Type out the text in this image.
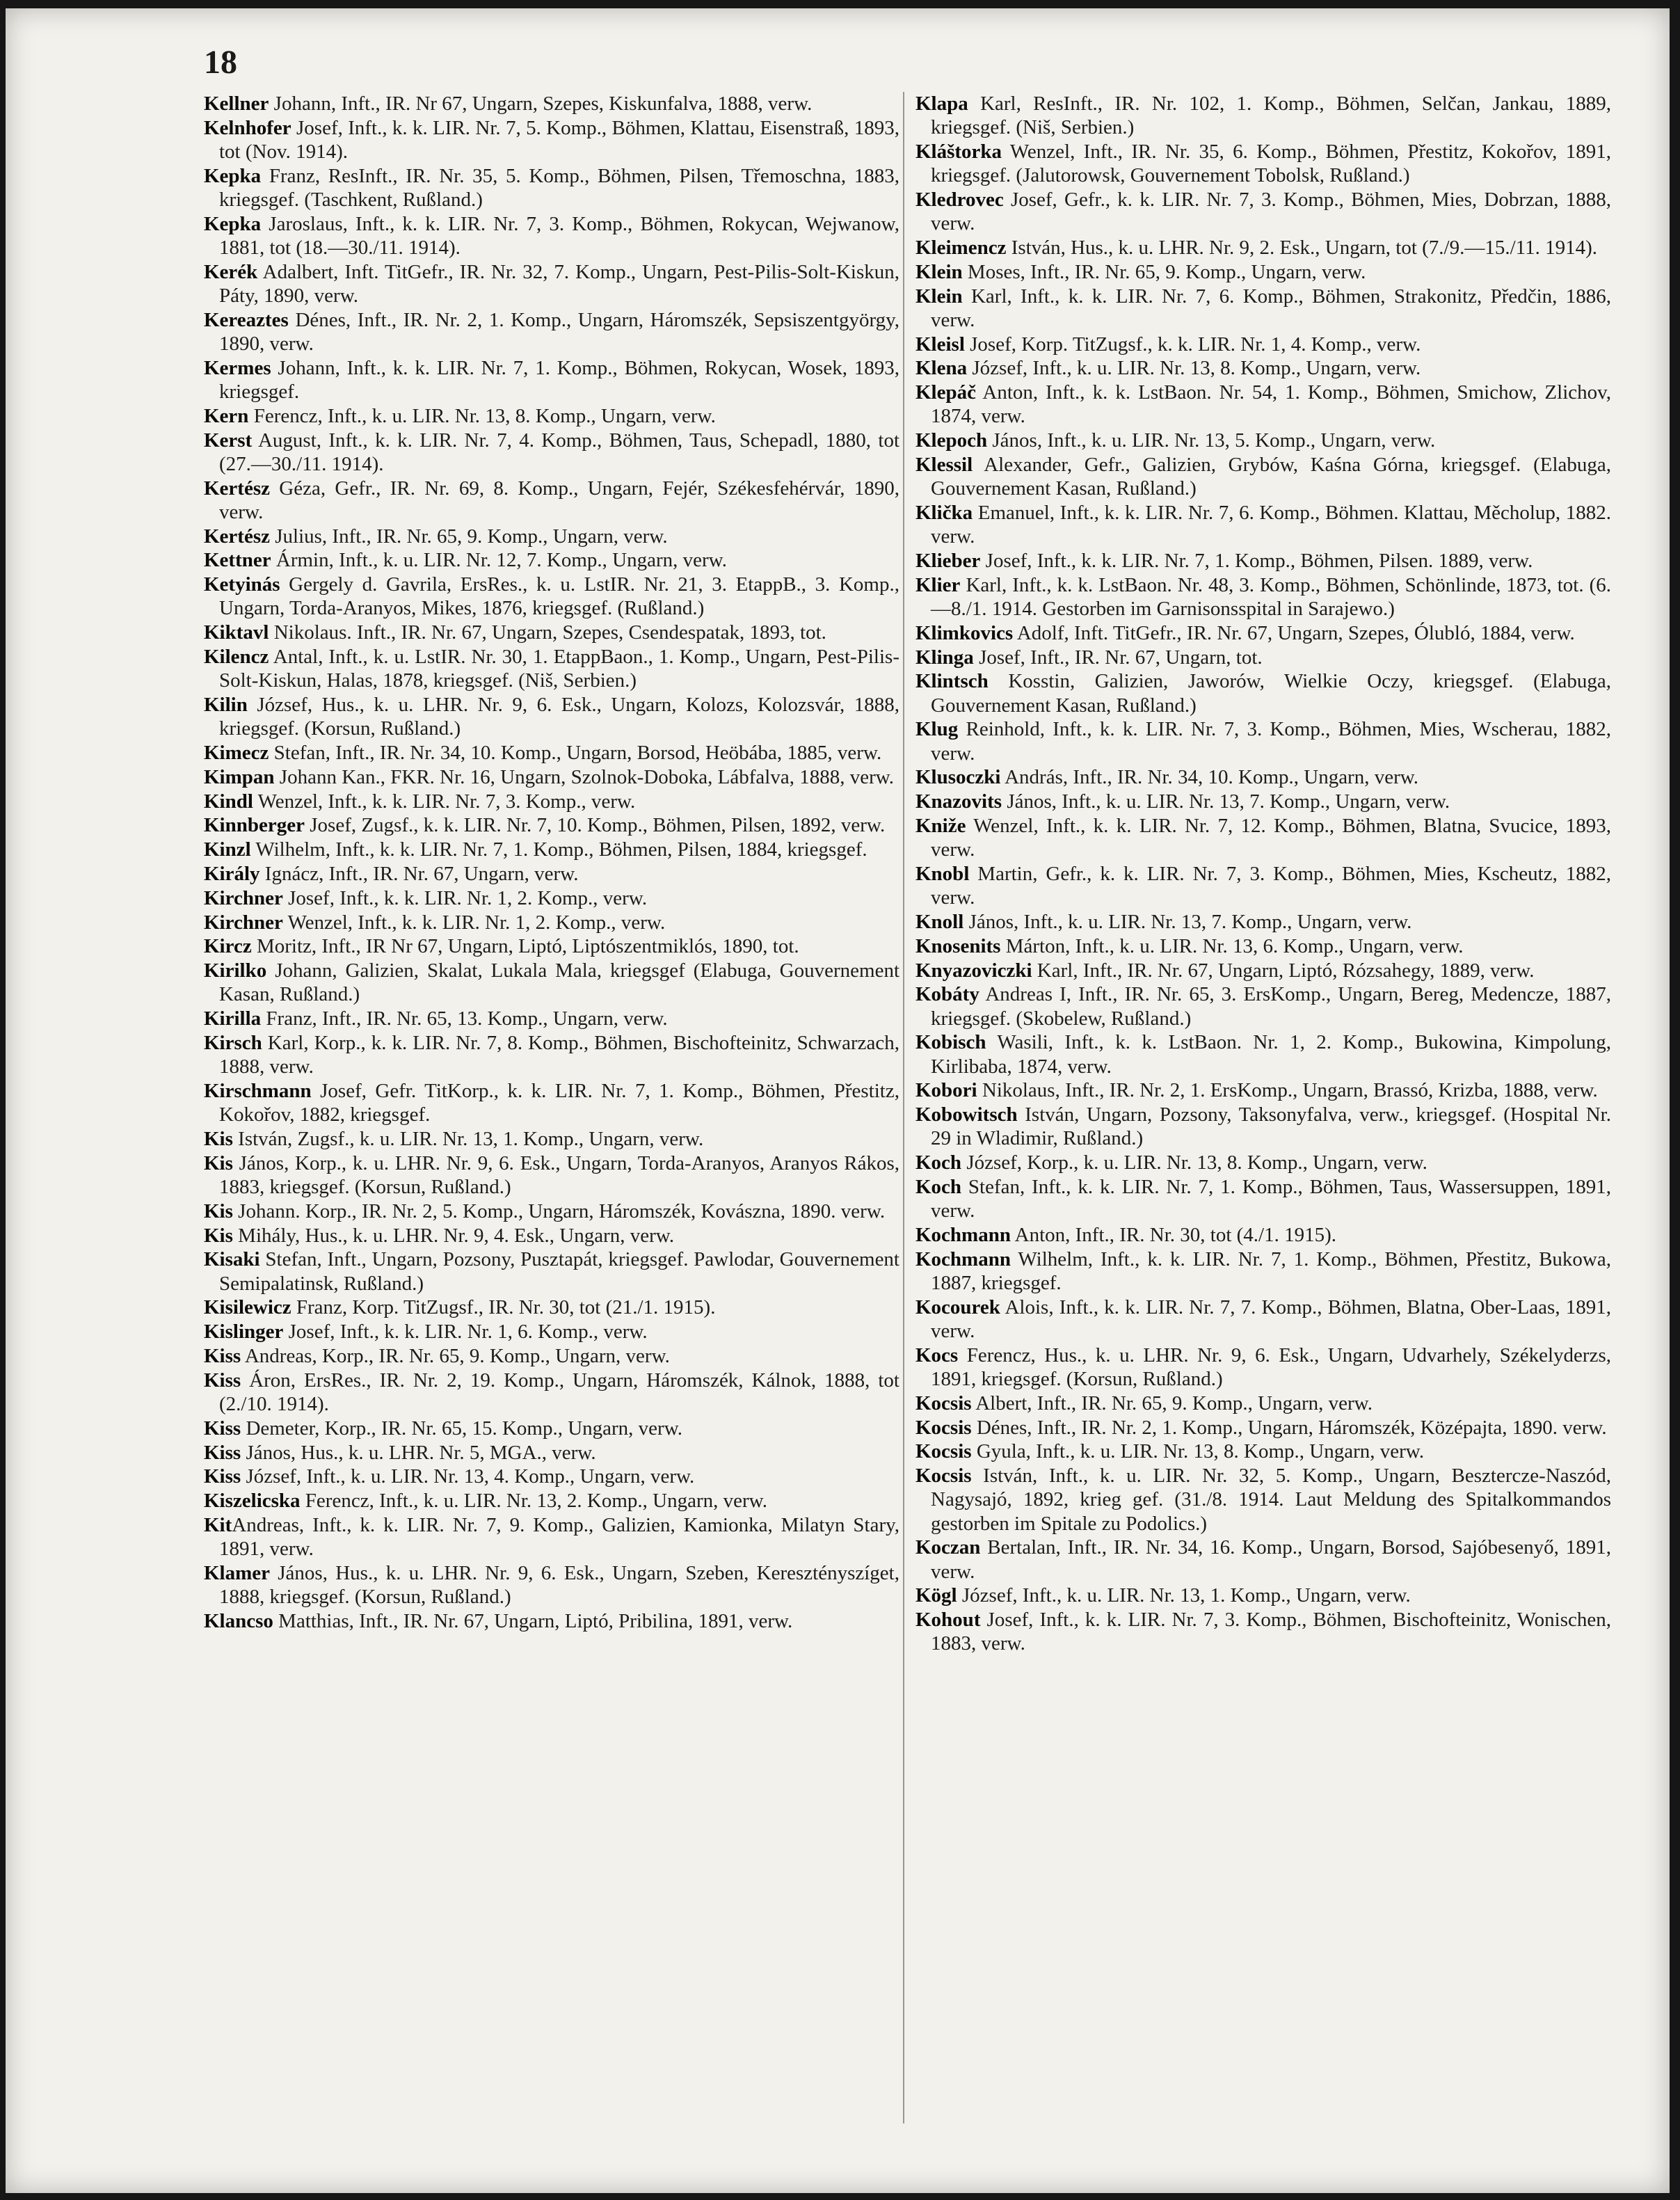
18

Kellner Johann, Inft., IR. Nr 67, Ungarn, Szepes, Kiskunfalva, 1888, verw.

Kelnhofer Josef, Inft., k. k. LIR. Nr. 7, 5. Komp., Böhmen, Klattau, Eisenstraß, 1893, tot (Nov. 1914).

Kepka Franz, ResInft., IR. Nr. 35, 5. Komp., Böhmen, Pilsen, Třemoschna, 1883, kriegsgef. (Taschkent, Rußland.)

Kepka Jaroslaus, Inft., k. k. LIR. Nr. 7, 3. Komp., Böhmen, Rokycan, Wejwanow, 1881, tot (18.—30./11. 1914).

Kerék Adalbert, Inft. TitGefr., IR. Nr. 32, 7. Komp., Ungarn, Pest-Pilis-Solt-Kiskun, Páty, 1890, verw.

Kereaztes Dénes, Inft., IR. Nr. 2, 1. Komp., Ungarn, Háromszék, Sepsiszentgyörgy, 1890, verw.

Kermes Johann, Inft., k. k. LIR. Nr. 7, 1. Komp., Böhmen, Rokycan, Wosek, 1893, kriegsgef.

Kern Ferencz, Inft., k. u. LIR. Nr. 13, 8. Komp., Ungarn, verw.

Kerst August, Inft., k. k. LIR. Nr. 7, 4. Komp., Böhmen, Taus, Schepadl, 1880, tot (27.—30./11. 1914).

Kertész Géza, Gefr., IR. Nr. 69, 8. Komp., Ungarn, Fejér, Székesfehérvár, 1890, verw.

Kertész Julius, Inft., IR. Nr. 65, 9. Komp., Ungarn, verw.

Kettner Ármin, Inft., k. u. LIR. Nr. 12, 7. Komp., Ungarn, verw.

Ketyinás Gergely d. Gavrila, ErsRes., k. u. LstIR. Nr. 21, 3. EtappB., 3. Komp., Ungarn, Torda-Aranyos, Mikes, 1876, kriegsgef. (Rußland.)

Kiktavl Nikolaus. Inft., IR. Nr. 67, Ungarn, Szepes, Csendespatak, 1893, tot.

Kilencz Antal, Inft., k. u. LstIR. Nr. 30, 1. EtappBaon., 1. Komp., Ungarn, Pest-Pilis-Solt-Kiskun, Halas, 1878, kriegsgef. (Niš, Serbien.)

Kilin József, Hus., k. u. LHR. Nr. 9, 6. Esk., Ungarn, Kolozs, Kolozsvár, 1888, kriegsgef. (Korsun, Rußland.)

Kimecz Stefan, Inft., IR. Nr. 34, 10. Komp., Ungarn, Borsod, Heöbába, 1885, verw.

Kimpan Johann Kan., FKR. Nr. 16, Ungarn, Szolnok-Doboka, Lábfalva, 1888, verw.

Kindl Wenzel, Inft., k. k. LIR. Nr. 7, 3. Komp., verw.

Kinnberger Josef, Zugsf., k. k. LIR. Nr. 7, 10. Komp., Böhmen, Pilsen, 1892, verw.

Kinzl Wilhelm, Inft., k. k. LIR. Nr. 7, 1. Komp., Böhmen, Pilsen, 1884, kriegsgef.

Király Ignácz, Inft., IR. Nr. 67, Ungarn, verw.

Kirchner Josef, Inft., k. k. LIR. Nr. 1, 2. Komp., verw.

Kirchner Wenzel, Inft., k. k. LIR. Nr. 1, 2. Komp., verw.

Kircz Moritz, Inft., IR Nr 67, Ungarn, Liptó, Liptószentmiklós, 1890, tot.

Kirilko Johann, Galizien, Skalat, Lukala Mala, kriegsgef (Elabuga, Gouvernement Kasan, Rußland.)

Kirilla Franz, Inft., IR. Nr. 65, 13. Komp., Ungarn, verw.

Kirsch Karl, Korp., k. k. LIR. Nr. 7, 8. Komp., Böhmen, Bischofteinitz, Schwarzach, 1888, verw.

Kirschmann Josef, Gefr. TitKorp., k. k. LIR. Nr. 7, 1. Komp., Böhmen, Přestitz, Kokořov, 1882, kriegsgef.

Kis István, Zugsf., k. u. LIR. Nr. 13, 1. Komp., Ungarn, verw.

Kis János, Korp., k. u. LHR. Nr. 9, 6. Esk., Ungarn, Torda-Aranyos, Aranyos Rákos, 1883, kriegsgef. (Korsun, Rußland.)

Kis Johann. Korp., IR. Nr. 2, 5. Komp., Ungarn, Háromszék, Kovászna, 1890. verw.

Kis Mihály, Hus., k. u. LHR. Nr. 9, 4. Esk., Ungarn, verw.

Kisaki Stefan, Inft., Ungarn, Pozsony, Pusztapát, kriegsgef. Pawlodar, Gouvernement Semipalatinsk, Rußland.)

Kisilewicz Franz, Korp. TitZugsf., IR. Nr. 30, tot (21./1. 1915).

Kislinger Josef, Inft., k. k. LIR. Nr. 1, 6. Komp., verw.

Kiss Andreas, Korp., IR. Nr. 65, 9. Komp., Ungarn, verw.

Kiss Áron, ErsRes., IR. Nr. 2, 19. Komp., Ungarn, Háromszék, Kálnok, 1888, tot (2./10. 1914).

Kiss Demeter, Korp., IR. Nr. 65, 15. Komp., Ungarn, verw.

Kiss János, Hus., k. u. LHR. Nr. 5, MGA., verw.

Kiss József, Inft., k. u. LIR. Nr. 13, 4. Komp., Ungarn, verw.

Kiszelicska Ferencz, Inft., k. u. LIR. Nr. 13, 2. Komp., Ungarn, verw.

KitAndreas, Inft., k. k. LIR. Nr. 7, 9. Komp., Galizien, Kamionka, Milatyn Stary, 1891, verw.

Klamer János, Hus., k. u. LHR. Nr. 9, 6. Esk., Ungarn, Szeben, Keresztényszíget, 1888, kriegsgef. (Korsun, Rußland.)

Klancso Matthias, Inft., IR. Nr. 67, Ungarn, Liptó, Pribilina, 1891, verw.

Klapa Karl, ResInft., IR. Nr. 102, 1. Komp., Böhmen, Selčan, Jankau, 1889, kriegsgef. (Niš, Serbien.)

Kláštorka Wenzel, Inft., IR. Nr. 35, 6. Komp., Böhmen, Přestitz, Kokořov, 1891, kriegsgef. (Jalutorowsk, Gouvernement Tobolsk, Rußland.)

Kledrovec Josef, Gefr., k. k. LIR. Nr. 7, 3. Komp., Böhmen, Mies, Dobrzan, 1888, verw.

Kleimencz István, Hus., k. u. LHR. Nr. 9, 2. Esk., Ungarn, tot (7./9.—15./11. 1914).

Klein Moses, Inft., IR. Nr. 65, 9. Komp., Ungarn, verw.

Klein Karl, Inft., k. k. LIR. Nr. 7, 6. Komp., Böhmen, Strakonitz, Předčin, 1886, verw.

Kleisl Josef, Korp. TitZugsf., k. k. LIR. Nr. 1, 4. Komp., verw.

Klena József, Inft., k. u. LIR. Nr. 13, 8. Komp., Ungarn, verw.

Klepáč Anton, Inft., k. k. LstBaon. Nr. 54, 1. Komp., Böhmen, Smichow, Zlichov, 1874, verw.

Klepoch János, Inft., k. u. LIR. Nr. 13, 5. Komp., Ungarn, verw.

Klessil Alexander, Gefr., Galizien, Grybów, Kaśna Górna, kriegsgef. (Elabuga, Gouvernement Kasan, Rußland.)

Klička Emanuel, Inft., k. k. LIR. Nr. 7, 6. Komp., Böhmen. Klattau, Měcholup, 1882. verw.

Klieber Josef, Inft., k. k. LIR. Nr. 7, 1. Komp., Böhmen, Pilsen. 1889, verw.

Klier Karl, Inft., k. k. LstBaon. Nr. 48, 3. Komp., Böhmen, Schönlinde, 1873, tot. (6.—8./1. 1914. Gestorben im Garnisonsspital in Sarajewo.)

Klimkovics Adolf, Inft. TitGefr., IR. Nr. 67, Ungarn, Szepes, Ólubló, 1884, verw.

Klinga Josef, Inft., IR. Nr. 67, Ungarn, tot.

Klintsch Kosstin, Galizien, Jaworów, Wielkie Oczy, kriegsgef. (Elabuga, Gouvernement Kasan, Rußland.)

Klug Reinhold, Inft., k. k. LIR. Nr. 7, 3. Komp., Böhmen, Mies, Wscherau, 1882, verw.

Klusoczki András, Inft., IR. Nr. 34, 10. Komp., Ungarn, verw.

Knazovits János, Inft., k. u. LIR. Nr. 13, 7. Komp., Ungarn, verw.

Kniže Wenzel, Inft., k. k. LIR. Nr. 7, 12. Komp., Böhmen, Blatna, Svucice, 1893, verw.

Knobl Martin, Gefr., k. k. LIR. Nr. 7, 3. Komp., Böhmen, Mies, Kscheutz, 1882, verw.

Knoll János, Inft., k. u. LIR. Nr. 13, 7. Komp., Ungarn, verw.

Knosenits Márton, Inft., k. u. LIR. Nr. 13, 6. Komp., Ungarn, verw.

Knyazoviczki Karl, Inft., IR. Nr. 67, Ungarn, Liptó, Rózsahegy, 1889, verw.

Kobáty Andreas I, Inft., IR. Nr. 65, 3. ErsKomp., Ungarn, Bereg, Medencze, 1887, kriegsgef. (Skobelew, Rußland.)

Kobisch Wasili, Inft., k. k. LstBaon. Nr. 1, 2. Komp., Bukowina, Kimpolung, Kirlibaba, 1874, verw.

Kobori Nikolaus, Inft., IR. Nr. 2, 1. ErsKomp., Ungarn, Brassó, Krizba, 1888, verw.

Kobowitsch István, Ungarn, Pozsony, Taksonyfalva, verw., kriegsgef. (Hospital Nr. 29 in Wladimir, Rußland.)

Koch József, Korp., k. u. LIR. Nr. 13, 8. Komp., Ungarn, verw.

Koch Stefan, Inft., k. k. LIR. Nr. 7, 1. Komp., Böhmen, Taus, Wassersuppen, 1891, verw.

Kochmann Anton, Inft., IR. Nr. 30, tot (4./1. 1915).

Kochmann Wilhelm, Inft., k. k. LIR. Nr. 7, 1. Komp., Böhmen, Přestitz, Bukowa, 1887, kriegsgef.

Kocourek Alois, Inft., k. k. LIR. Nr. 7, 7. Komp., Böhmen, Blatna, Ober-Laas, 1891, verw.

Kocs Ferencz, Hus., k. u. LHR. Nr. 9, 6. Esk., Ungarn, Udvarhely, Székelyderzs, 1891, kriegsgef. (Korsun, Rußland.)

Kocsis Albert, Inft., IR. Nr. 65, 9. Komp., Ungarn, verw.

Kocsis Dénes, Inft., IR. Nr. 2, 1. Komp., Ungarn, Háromszék, Középajta, 1890. verw.

Kocsis Gyula, Inft., k. u. LIR. Nr. 13, 8. Komp., Ungarn, verw.

Kocsis István, Inft., k. u. LIR. Nr. 32, 5. Komp., Ungarn, Beszterczе-Naszód, Nagysajó, 1892, krieg gef. (31./8. 1914. Laut Meldung des Spitalkommandos gestorben im Spitale zu Podolics.)

Koczan Bertalan, Inft., IR. Nr. 34, 16. Komp., Ungarn, Borsod, Sajóbesenyő, 1891, verw.

Kögl József, Inft., k. u. LIR. Nr. 13, 1. Komp., Ungarn, verw.

Kohout Josef, Inft., k. k. LIR. Nr. 7, 3. Komp., Böhmen, Bischofteinitz, Wonischen, 1883, verw.
